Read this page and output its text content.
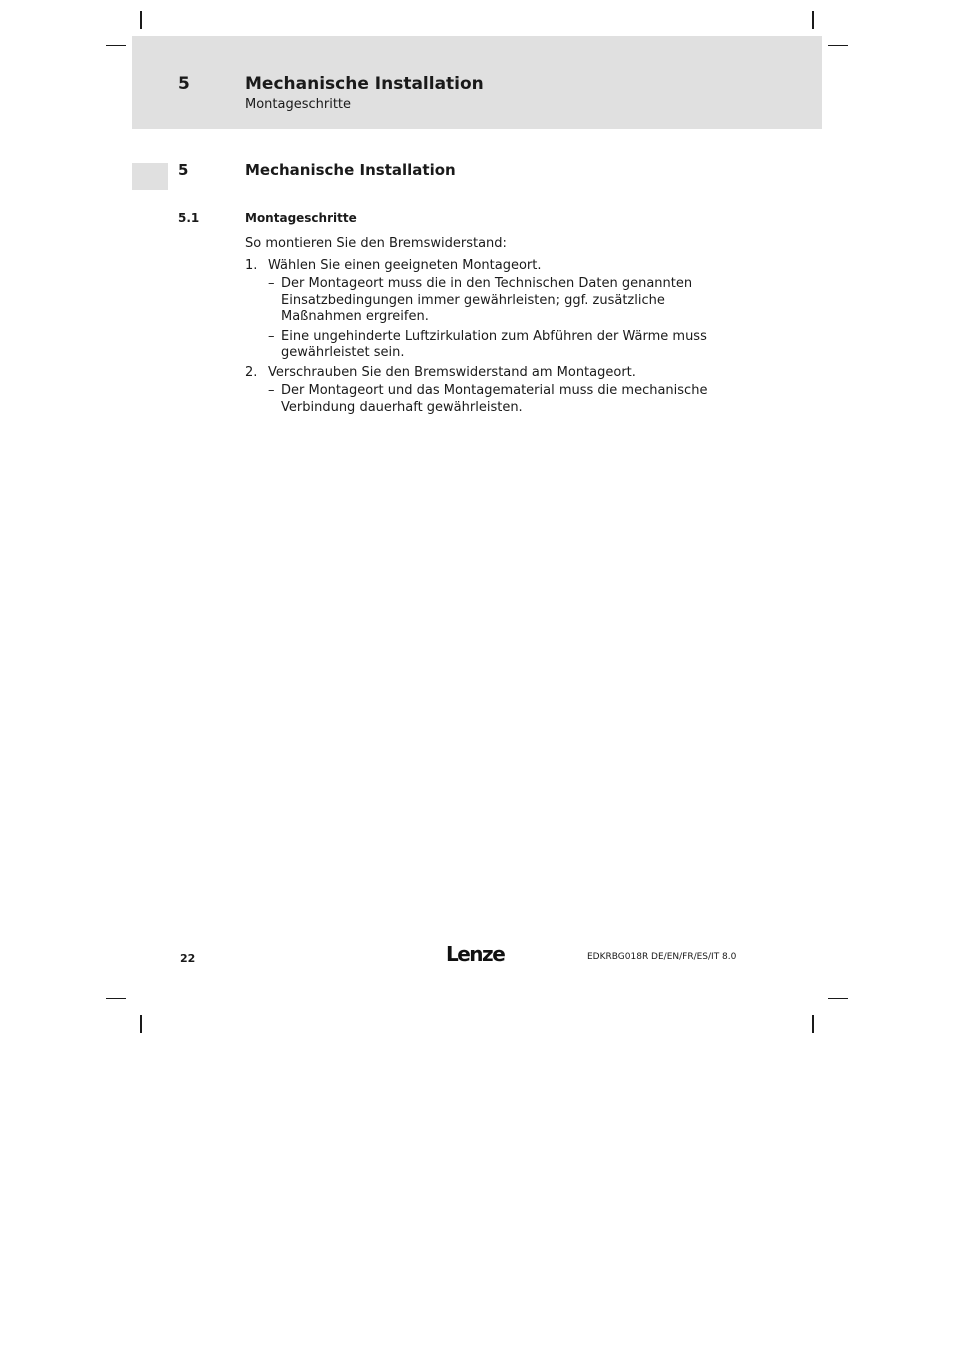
5	Mechanische Installation
Montageschritte
5	Mechanische Installation
5.1	Montageschritte

So montieren Sie den Bremswiderstand:

1. Wählen Sie einen geeigneten Montageort.
– Der Montageort muss die in den Technischen Daten genannten Einsatzbedingungen immer gewährleisten; ggf. zusätzliche Maßnahmen ergreifen.
– Eine ungehinderte Luftzirkulation zum Abführen der Wärme muss gewährleistet sein.
2. Verschrauben Sie den Bremswiderstand am Montageort.
– Der Montageort und das Montagematerial muss die mechanische Verbindung dauerhaft gewährleisten.
22	Lenze	EDKRBG018R DE/EN/FR/ES/IT 8.0
